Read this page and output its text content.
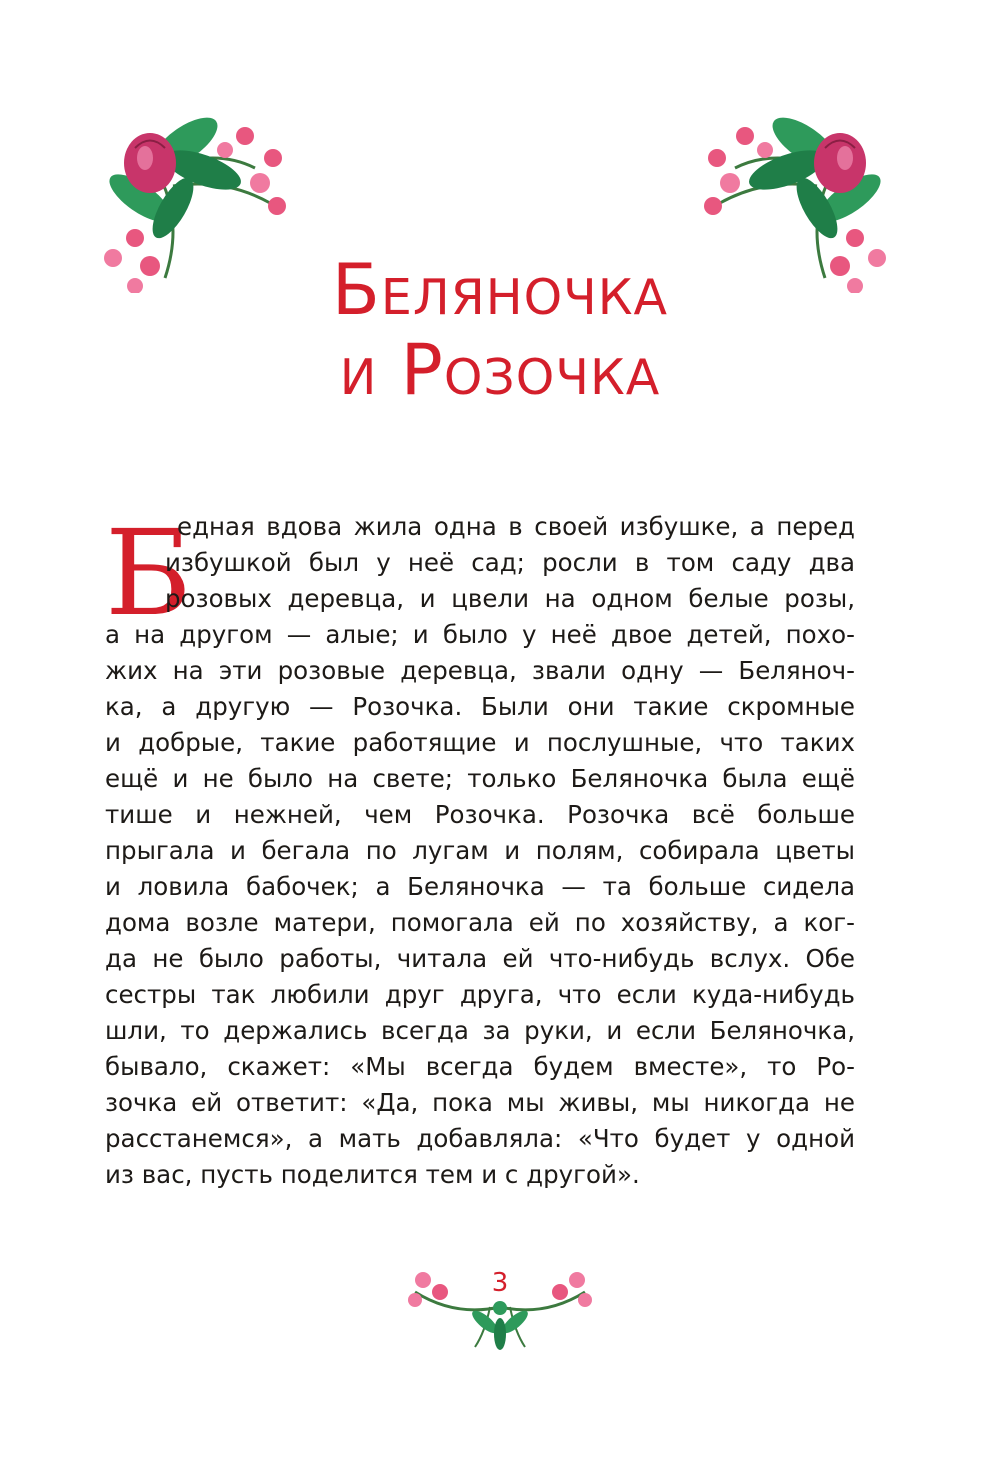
Беляночка
и Розочка
Б
едная вдова жила одна в своей избушке, а перед
избушкой был у неё сад; росли в том саду два
розовых деревца, и цвели на одном белые розы,
а на другом — алые; и было у неё двое детей, похо-
жих на эти розовые деревца, звали одну — Беляноч-
ка, а другую — Розочка. Были они такие скромные
и добрые, такие работящие и послушные, что таких
ещё и не было на свете; только Беляночка была ещё
тише и нежней, чем Розочка. Розочка всё больше
прыгала и бегала по лугам и полям, собирала цветы
и ловила бабочек; а Беляночка — та больше сидела
дома возле матери, помогала ей по хозяйству, а ког-
да не было работы, читала ей что-нибудь вслух. Обе
сестры так любили друг друга, что если куда-нибудь
шли, то держались всегда за руки, и если Беляночка,
бывало, скажет: «Мы всегда будем вместе», то Ро-
зочка ей ответит: «Да, пока мы живы, мы никогда не
расстанемся», а мать добавляла: «Что будет у одной
из вас, пусть поделится тем и с другой».
3
